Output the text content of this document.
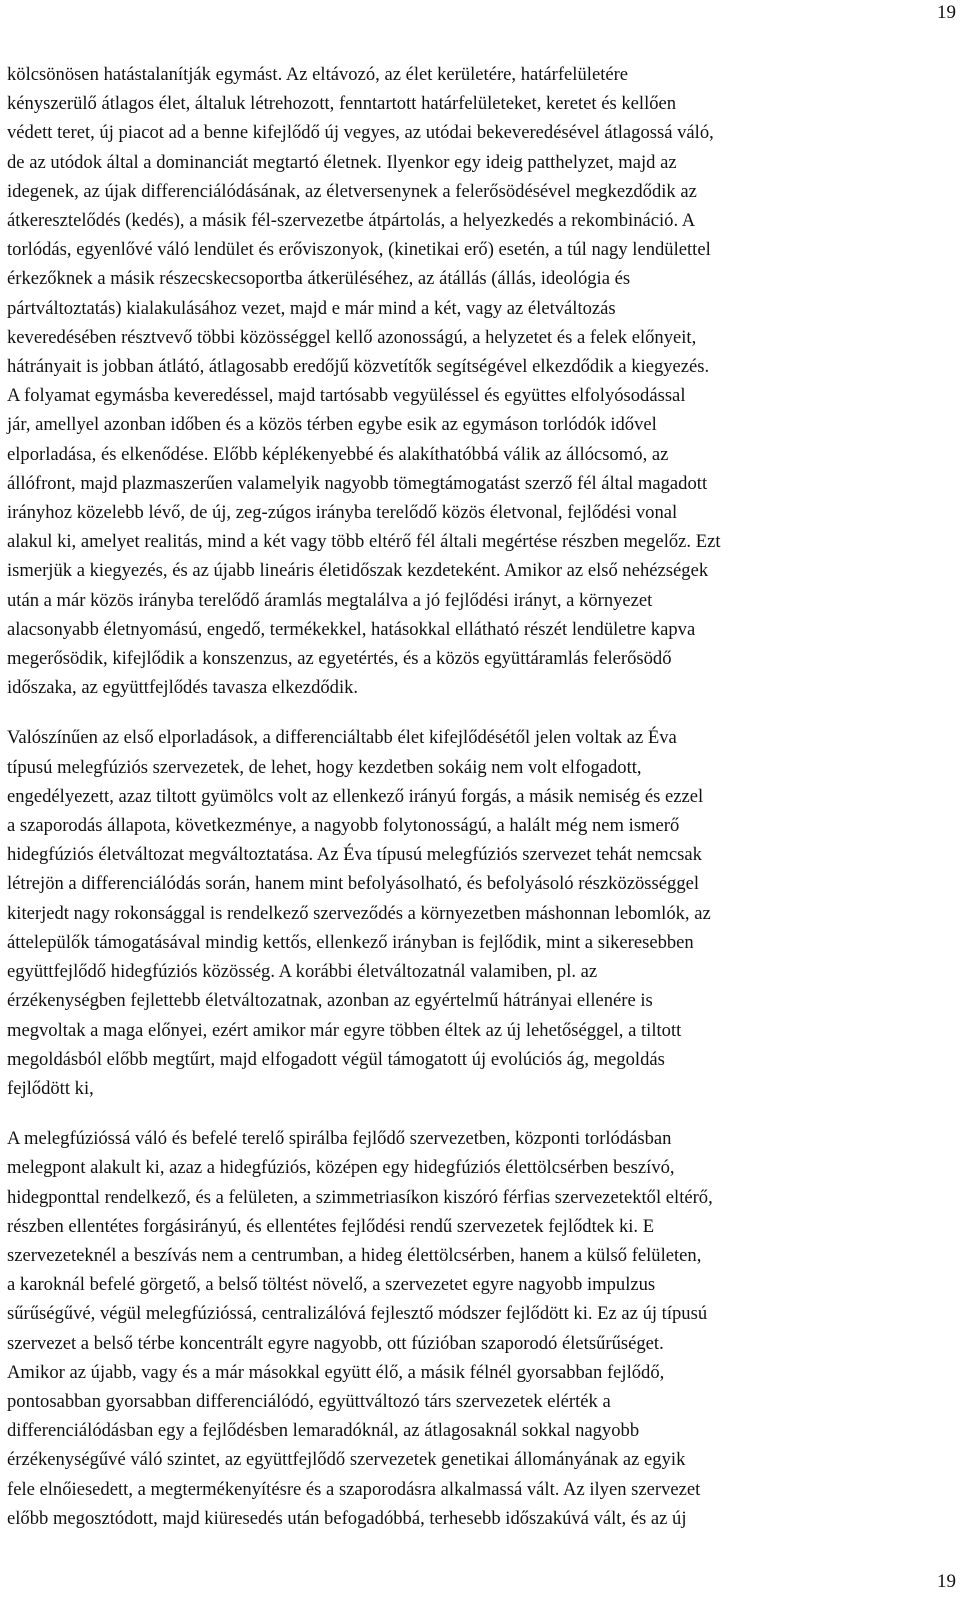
19

kölcsönösen hatástalanítják egymást. Az eltávozó, az élet kerületére, határfelületére
kényszerülő átlagos élet, általuk létrehozott, fenntartott határfelületeket, keretet és kellően
védett teret, új piacot ad a benne kifejlődő új vegyes, az utódai bekeveredésével átlagossá váló,
de az utódok által a dominanciát megtartó életnek. Ilyenkor egy ideig patthelyzet, majd az
idegenek, az újak differenciálódásának, az életversenynek a felerősödésével megkezdődik az
átkeresztelődés (kedés), a másik fél-szervezetbe átpártolás, a helyezkedés a rekombináció. A
torlódás, egyenlővé váló lendület és erőviszonyok, (kinetikai erő) esetén, a túl nagy lendülettel
érkezőknek a másik részecskecsoportba átkerüléséhez, az átállás (állás, ideológia és
pártváltoztatás) kialakulásához vezet, majd e már mind a két, vagy az életváltozás
keveredésében résztvevő többi közösséggel kellő azonosságú, a helyzetet és a felek előnyeit,
hátrányait is jobban átlátó, átlagosabb eredőjű közvetítők segítségével elkezdődik a kiegyezés.
A folyamat egymásba keveredéssel, majd tartósabb vegyüléssel és együttes elfolyósodással
jár, amellyel azonban időben és a közös térben egybe esik az egymáson torlódók idővel
elporladása, és elkenődése. Előbb képlékenyebbé és alakíthatóbbá válik az állócsomó, az
állófront, majd plazmaszerűen valamelyik nagyobb tömegtámogatást szerző fél által magadott
irányhoz közelebb lévő, de új, zeg-zúgos irányba terelődő közös életvonal, fejlődési vonal
alakul ki, amelyet realitás, mind a két vagy több eltérő fél általi megértése részben megelőz. Ezt
ismerjük a kiegyezés, és az újabb lineáris életidőszak kezdeteként. Amikor az első nehézségek
után a már közös irányba terelődő áramlás megtalálva a jó fejlődési irányt, a környezet
alacsonyabb életnyomású, engedő, termékekkel, hatásokkal ellátható részét lendületre kapva
megerősödik, kifejlődik a konszenzus, az egyetértés, és a közös együttáramlás felerősödő
időszaka, az együttfejlődés tavasza elkezdődik.

Valószínűen az első elporladások, a differenciáltabb élet kifejlődésétől jelen voltak az Éva
típusú melegfúziós szervezetek, de lehet, hogy kezdetben sokáig nem volt elfogadott,
engedélyezett, azaz tiltott gyümölcs volt az ellenkező irányú forgás, a másik nemiség és ezzel
a szaporodás állapota, következménye, a nagyobb folytonosságú, a halált még nem ismerő
hidegfúziós életváltozat megváltoztatása. Az Éva típusú melegfúziós szervezet tehát nemcsak
létrejön a differenciálódás során, hanem mint befolyásolható, és befolyásoló részközösséggel
kiterjedt nagy rokonsággal is rendelkező szerveződés a környezetben máshonnan lebomlók, az
áttelepülők támogatásával mindig kettős, ellenkező irányban is fejlődik, mint a sikeresebben
együttfejlődő hidegfúziós közösség. A korábbi életváltozatnál valamiben, pl. az
érzékenységben fejlettebb életváltozatnak, azonban az egyértelmű hátrányai ellenére is
megvoltak a maga előnyei, ezért amikor már egyre többen éltek az új lehetőséggel, a tiltott
megoldásból előbb megtűrt, majd elfogadott végül támogatott új evolúciós ág, megoldás
fejlődött ki,

A melegfúzióssá váló és befelé terelő spirálba fejlődő szervezetben, központi torlódásban
melegpont alakult ki, azaz a hidegfúziós, középen egy hidegfúziós élettölcsérben beszívó,
hidegponttal rendelkező, és a felületen, a szimmetriasíkon kiszóró férfias szervezetektől eltérő,
részben ellentétes forgásirányú, és ellentétes fejlődési rendű szervezetek fejlődtek ki. E
szervezeteknél a beszívás nem a centrumban, a hideg élettölcsérben, hanem a külső felületen,
a karoknál befelé görgető, a belső töltést növelő, a szervezetet egyre nagyobb impulzus
sűrűségűvé, végül melegfúzióssá, centralizálóvá fejlesztő módszer fejlődött ki. Ez az új típusú
szervezet a belső térbe koncentrált egyre nagyobb, ott fúzióban szaporodó életsűrűséget.
Amikor az újabb, vagy és a már másokkal együtt élő, a másik félnél gyorsabban fejlődő,
pontosabban gyorsabban differenciálódó, együttváltozó társ szervezetek elérték a
differenciálódásban egy a fejlődésben lemaradóknál, az átlagosaknál sokkal nagyobb
érzékenységűvé váló szintet, az együttfejlődő szervezetek genetikai állományának az egyik
fele elnőiesedett, a megtermékenyítésre és a szaporodásra alkalmassá vált. Az ilyen szervezet
előbb megosztódott, majd kiüresedés után befogadóbbá, terhesebb időszakúvá vált, és az új

19
